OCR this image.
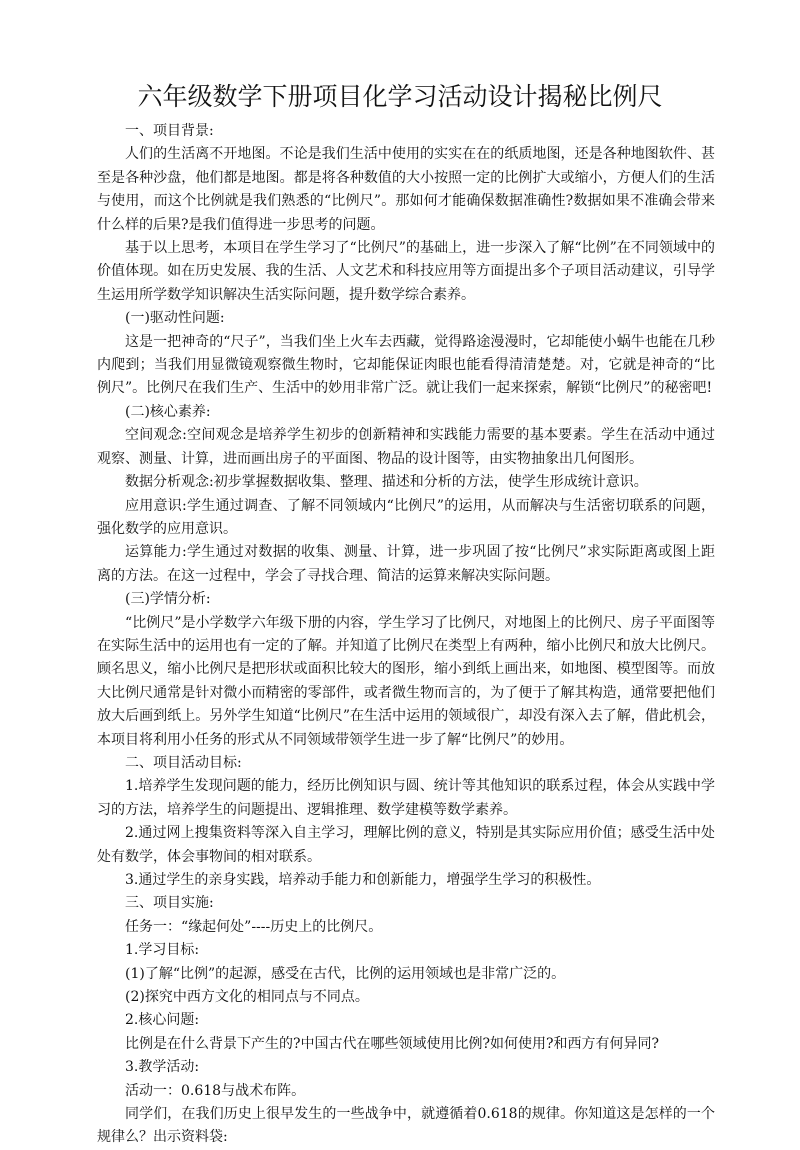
六年级数学下册项目化学习活动设计揭秘比例尺

一、项目背景:

人们的生活离不开地图。不论是我们生活中使用的实实在在的纸质地图，还是各种地图软件、甚至是各种沙盘，他们都是地图。都是将各种数值的大小按照一定的比例扩大或缩小，方便人们的生活与使用，而这个比例就是我们熟悉的“比例尺”。那如何才能确保数据准确性?数据如果不准确会带来什么样的后果?是我们值得进一步思考的问题。

基于以上思考，本项目在学生学习了“比例尺”的基础上，进一步深入了解“比例”在不同领域中的价值体现。如在历史发展、我的生活、人文艺术和科技应用等方面提出多个子项目活动建议，引导学生运用所学数学知识解决生活实际问题，提升数学综合素养。

(一)驱动性问题:

这是一把神奇的“尺子”，当我们坐上火车去西藏，觉得路途漫漫时，它却能使小蜗牛也能在几秒内爬到；当我们用显微镜观察微生物时，它却能保证肉眼也能看得清清楚楚。对，它就是神奇的“比例尺”。比例尺在我们生产、生活中的妙用非常广泛。就让我们一起来探索，解锁“比例尺”的秘密吧!

(二)核心素养:

空间观念:空间观念是培养学生初步的创新精神和实践能力需要的基本要素。学生在活动中通过观察、测量、计算，进而画出房子的平面图、物品的设计图等，由实物抽象出几何图形。

数据分析观念:初步掌握数据收集、整理、描述和分析的方法，使学生形成统计意识。

应用意识:学生通过调查、了解不同领域内“比例尺”的运用，从而解决与生活密切联系的问题，强化数学的应用意识。

运算能力:学生通过对数据的收集、测量、计算，进一步巩固了按“比例尺”求实际距离或图上距离的方法。在这一过程中，学会了寻找合理、简洁的运算来解决实际问题。

(三)学情分析:

“比例尺”是小学数学六年级下册的内容，学生学习了比例尺，对地图上的比例尺、房子平面图等在实际生活中的运用也有一定的了解。并知道了比例尺在类型上有两种，缩小比例尺和放大比例尺。顾名思义，缩小比例尺是把形状或面积比较大的图形，缩小到纸上画出来，如地图、模型图等。而放大比例尺通常是针对微小而精密的零部件，或者微生物而言的，为了便于了解其构造，通常要把他们放大后画到纸上。另外学生知道“比例尺”在生活中运用的领域很广，却没有深入去了解，借此机会，本项目将利用小任务的形式从不同领域带领学生进一步了解“比例尺”的妙用。

二、项目活动目标:

1.培养学生发现问题的能力，经历比例知识与圆、统计等其他知识的联系过程，体会从实践中学习的方法，培养学生的问题提出、逻辑推理、数学建模等数学素养。

2.通过网上搜集资料等深入自主学习，理解比例的意义，特别是其实际应用价值；感受生活中处处有数学，体会事物间的相对联系。

3.通过学生的亲身实践，培养动手能力和创新能力，增强学生学习的积极性。

三、项目实施:

任务一：“缘起何处”----历史上的比例尺。

1.学习目标:

(1)了解“比例”的起源，感受在古代，比例的运用领域也是非常广泛的。

(2)探究中西方文化的相同点与不同点。

2.核心问题:

比例是在什么背景下产生的?中国古代在哪些领域使用比例?如何使用?和西方有何异同?

3.教学活动:

活动一：0.618与战术布阵。

同学们，在我们历史上很早发生的一些战争中，就遵循着0.618的规律。你知道这是怎样的一个规律么？出示资料袋:
